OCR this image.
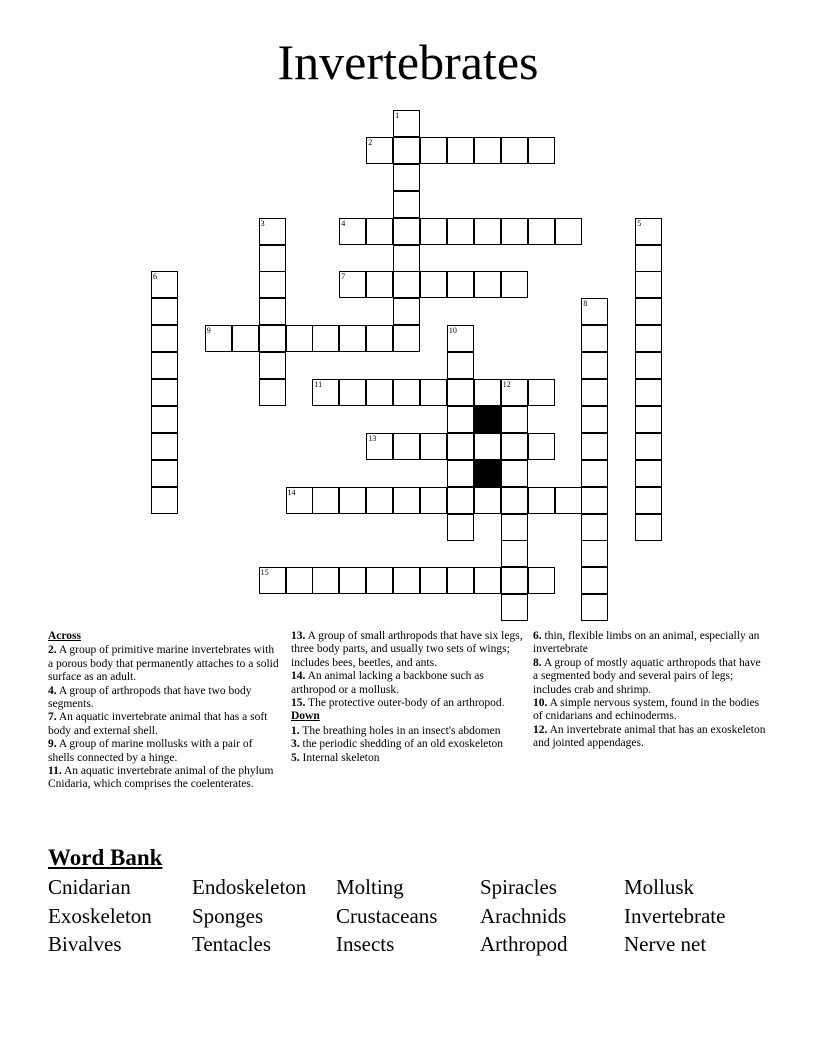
Invertebrates
1
2
3	4	5
6	7
8
9	10
11	12
13
14
15
Across
2. A group of primitive marine invertebrates with a porous body that permanently attaches to a solid surface as an adult.
4. A group of arthropods that have two body segments.
7. An aquatic invertebrate animal that has a soft body and external shell.
9. A group of marine mollusks with a pair of shells connected by a hinge.
11. An aquatic invertebrate animal of the phylum Cnidaria, which comprises the coelenterates.
13. A group of small arthropods that have six legs, three body parts, and usually two sets of wings; includes bees, beetles, and ants.
14. An animal lacking a backbone such as arthropod or a mollusk.
15. The protective outer-body of an arthropod.
Down
1. The breathing holes in an insect's abdomen
3. the periodic shedding of an old exoskeleton
5. Internal skeleton
6. thin, flexible limbs on an animal, especially an invertebrate
8. A group of mostly aquatic arthropods that have a segmented body and several pairs of legs; includes crab and shrimp.
10. A simple nervous system, found in the bodies of cnidarians and echinoderms.
12. An invertebrate animal that has an exoskeleton and jointed appendages.
Word Bank
Cnidarian	Endoskeleton	Molting	Spiracles	Mollusk
Exoskeleton	Sponges	Crustaceans	Arachnids	Invertebrate
Bivalves	Tentacles	Insects	Arthropod	Nerve net
